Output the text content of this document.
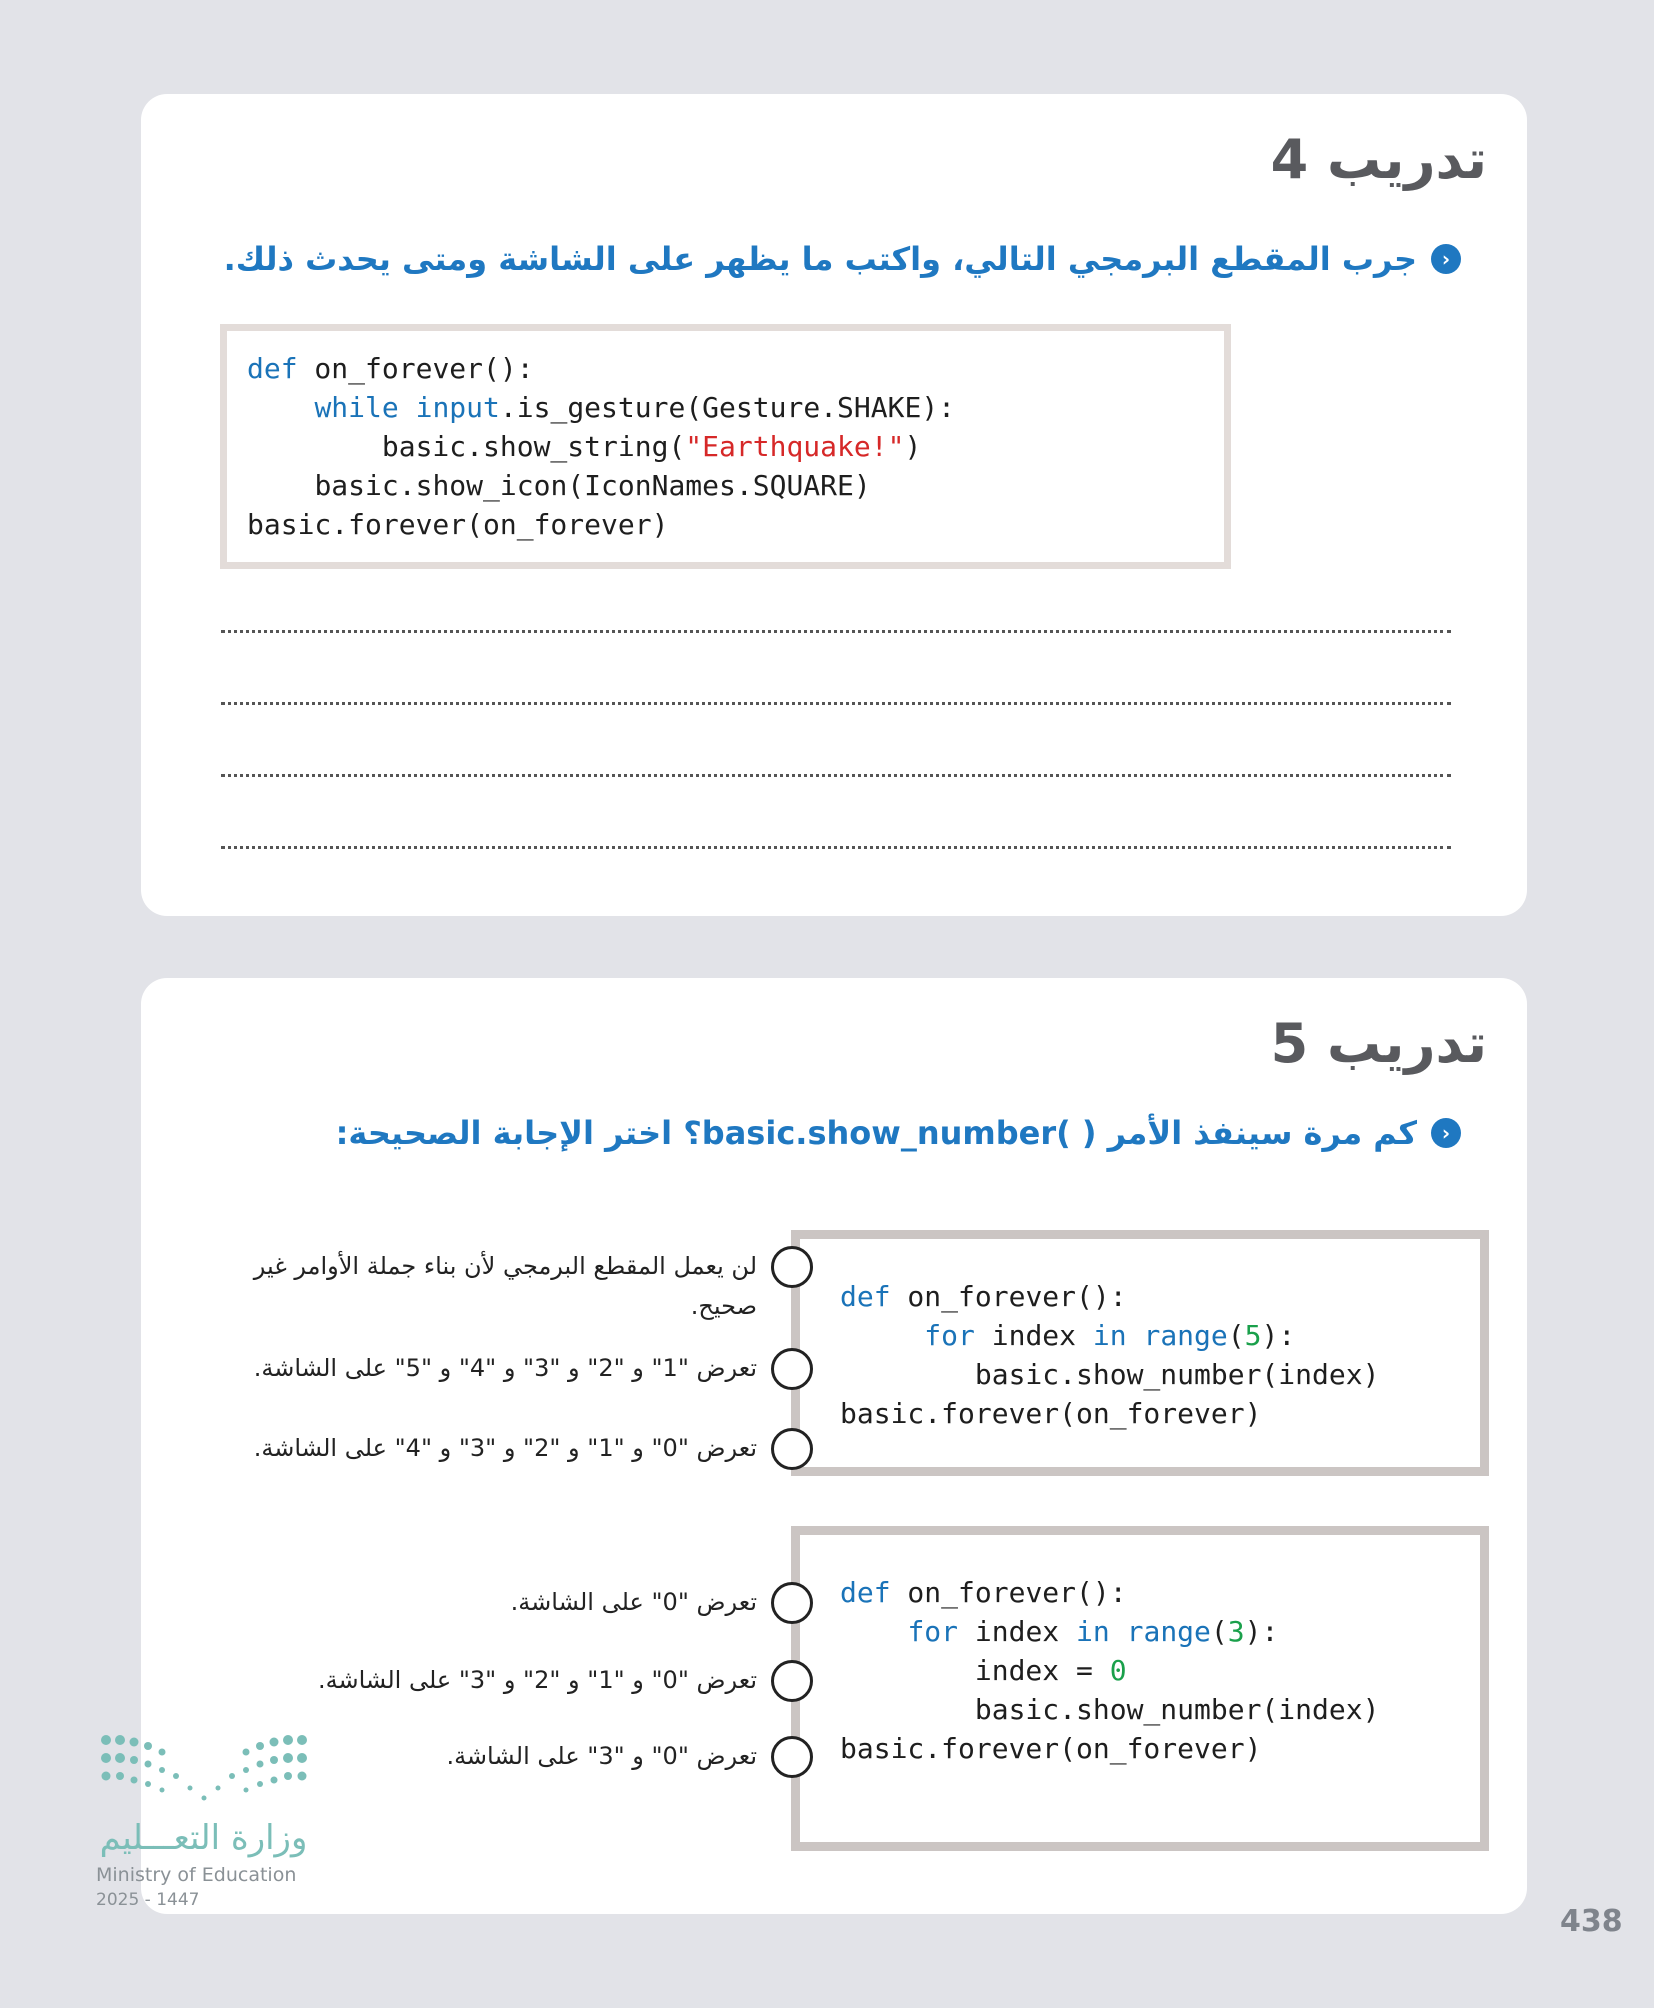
تدريب 4
‹
جرب المقطع البرمجي التالي، واكتب ما يظهر على الشاشة ومتى يحدث ذلك.
def on_forever():
while input.is_gesture(Gesture.SHAKE):
basic.show_string("Earthquake!")
basic.show_icon(IconNames.SQUARE)
basic.forever(on_forever)
تدريب 5
‹
كم مرة سينفذ الأمر ( )basic.show_number؟ اختر الإجابة الصحيحة:
def on_forever():
for index in range(5):
basic.show_number(index)
basic.forever(on_forever)
لن يعمل المقطع البرمجي لأن بناء جملة الأوامر غير صحيح.
تعرض "1" و "2" و "3" و "4" و "5" على الشاشة.
تعرض "0" و "1" و "2" و "3" و "4" على الشاشة.
def on_forever():
for index in range(3):
index = 0
basic.show_number(index)
basic.forever(on_forever)
تعرض "0" على الشاشة.
تعرض "0" و "1" و "2" و "3" على الشاشة.
تعرض "0" و "3" على الشاشة.
وزارة التعـــليم
Ministry of Education
2025 - 1447
438
